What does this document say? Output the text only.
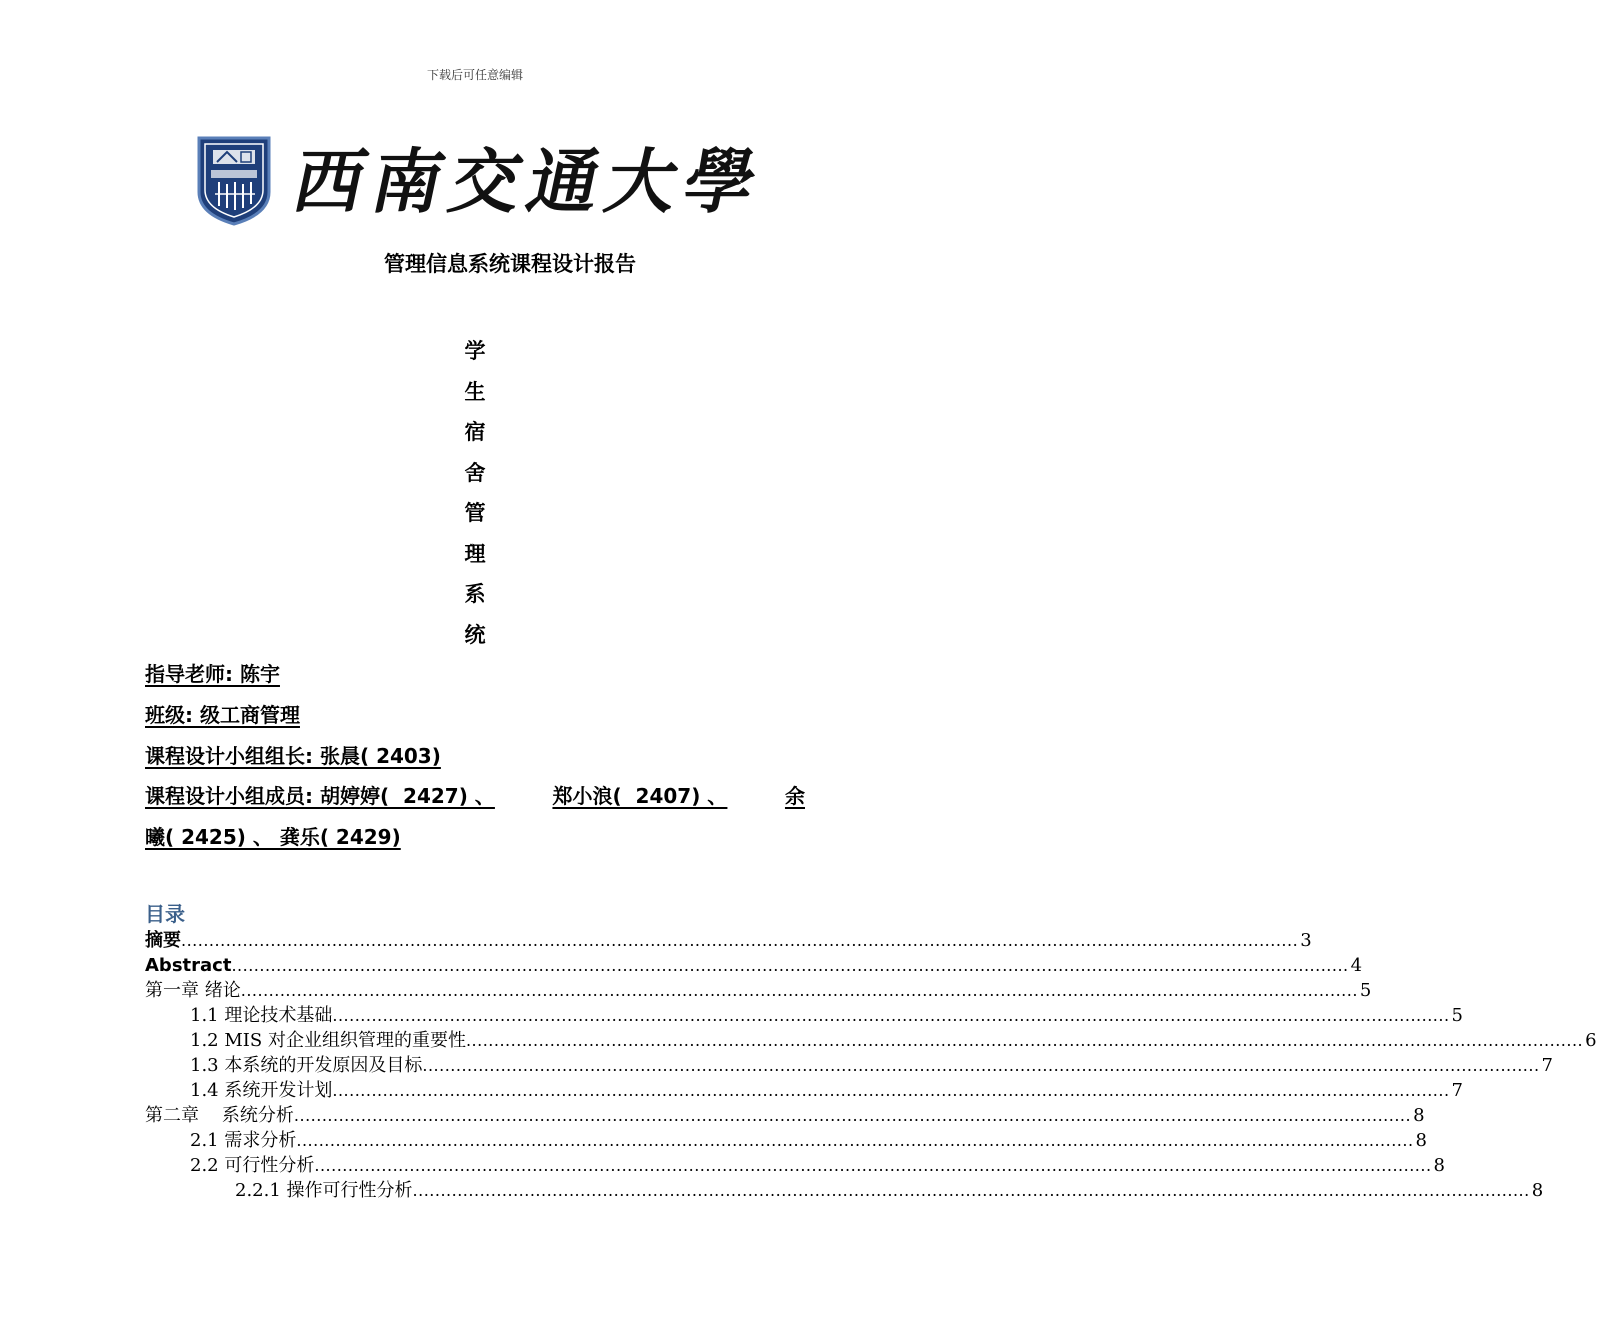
下载后可任意编辑
西
南
交
通
大
學
管理信息系统课程设计报告
学
生
宿
舍
管
理
系
统
指导老师: 陈宇
班级: 级工商管理
课程设计小组组长: 张晨( 2403)
课程设计小组成员: 胡婷婷(  2427) 、	郑小浪(  2407) 、	余
曦( 2425) 、 龚乐( 2429)
目录
摘要 ........................................................................................................................................................................................................ 3
Abstract ........................................................................................................................................................................................................ 4
第一章 绪论 ........................................................................................................................................................................................................ 5
1.1 理论技术基础 ........................................................................................................................................................................................................ 5
1.2 MIS 对企业组织管理的重要性 ........................................................................................................................................................................................................ 6
1.3 本系统的开发原因及目标 ........................................................................................................................................................................................................ 7
1.4 系统开发计划 ........................................................................................................................................................................................................ 7
第二章    系统分析 ........................................................................................................................................................................................................ 8
2.1 需求分析 ........................................................................................................................................................................................................ 8
2.2 可行性分析 ........................................................................................................................................................................................................ 8
2.2.1 操作可行性分析 ........................................................................................................................................................................................................ 8
